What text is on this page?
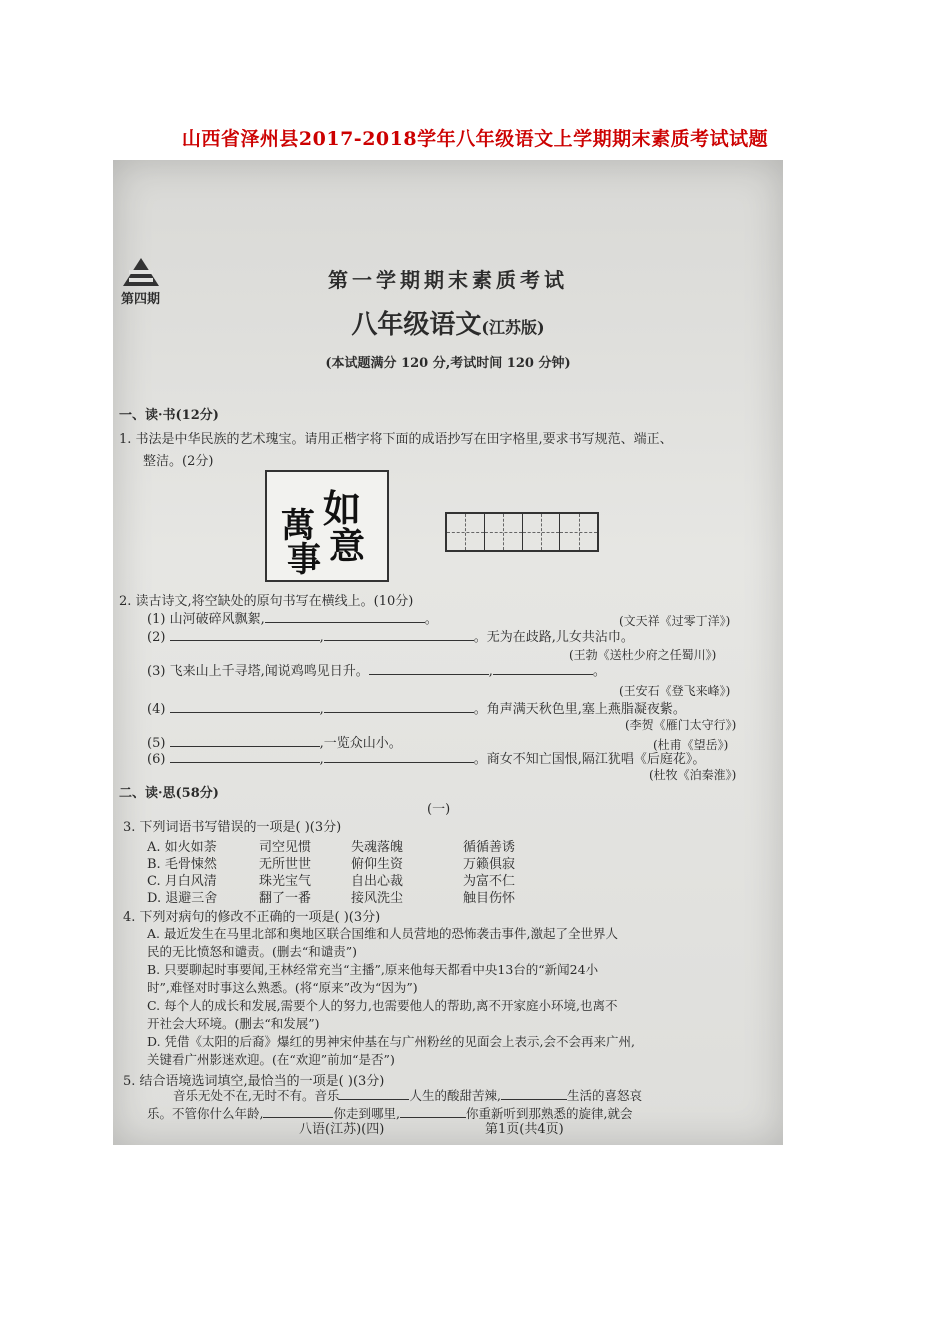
山西省泽州县2017-2018学年八年级语文上学期期末素质考试试题
第四期
第一学期期末素质考试
八年级语文(江苏版)
(本试题满分 120 分,考试时间 120 分钟)
一、读·书(12分)
1. 书法是中华民族的艺术瑰宝。请用正楷字将下面的成语抄写在田字格里,要求书写规范、端正、
整洁。(2分)
萬
事
如
意
2. 读古诗文,将空缺处的原句书写在横线上。(10分)
(1) 山河破碎风飘絮,	。	(文天祥《过零丁洋》)
(2)	,	。无为在歧路,儿女共沾巾。
(王勃《送杜少府之任蜀川》)
(3) 飞来山上千寻塔,闻说鸡鸣见日升。	,	。
(王安石《登飞来峰》)
(4)	,	。角声满天秋色里,塞上燕脂凝夜紫。
(李贺《雁门太守行》)
(5)	,一览众山小。	(杜甫《望岳》)
(6)	,	。商女不知亡国恨,隔江犹唱《后庭花》。
(杜牧《泊秦淮》)
二、读·思(58分)
(一)
3. 下列词语书写错误的一项是( )(3分)
A. 如火如荼	司空见惯	失魂落魄	循循善诱
B. 毛骨悚然	无所世世	俯仰生资	万籁俱寂
C. 月白风清	珠光宝气	自出心裁	为富不仁
D. 退避三舍	翻了一番	接风洗尘	触目伤怀
4. 下列对病句的修改不正确的一项是( )(3分)
A. 最近发生在马里北部和奥地区联合国维和人员营地的恐怖袭击事件,激起了全世界人
民的无比愤怒和谴责。(删去“和谴责”)
B. 只要聊起时事要闻,王林经常充当“主播”,原来他每天都看中央13台的“新闻24小
时”,难怪对时事这么熟悉。(将“原来”改为“因为”)
C. 每个人的成长和发展,需要个人的努力,也需要他人的帮助,离不开家庭小环境,也离不
开社会大环境。(删去“和发展”)
D. 凭借《太阳的后裔》爆红的男神宋仲基在与广州粉丝的见面会上表示,会不会再来广州,
关键看广州影迷欢迎。(在“欢迎”前加“是否”)
5. 结合语境选词填空,最恰当的一项是( )(3分)
音乐无处不在,无时不有。音乐	人生的酸甜苦辣,	生活的喜怒哀
乐。不管你什么年龄,	你走到哪里,	你重新听到那熟悉的旋律,就会
八语(江苏)(四)	第1页(共4页)
